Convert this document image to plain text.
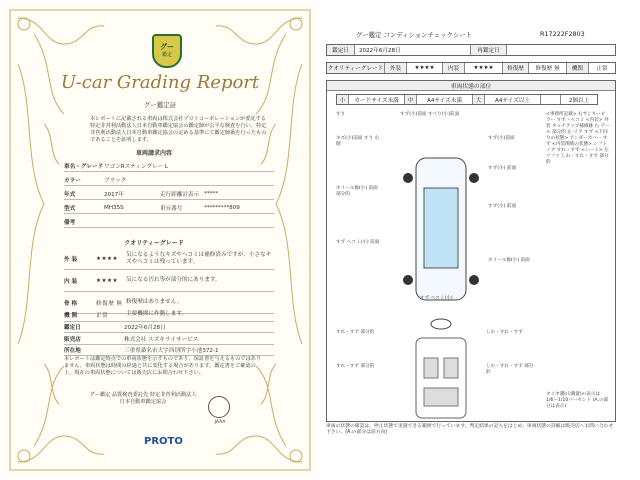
グー
鑑定
U-car Grading Report
グー鑑定証
本レポートに記載される車両は株式会社プロトコーポレーションが委託する特定非営利活動法人日本自動車鑑定協会の鑑定師が公平な検査を行い、特定非営利活動法人日本自動車鑑定協会の定める基準にて鑑定師番を行ったものであることを証明します。
車両請求内容
車名・グレード ワゴンRスティングレー L
カラー	ブラック
年式	2017年	走行距離計表示 *****
型式	MH35S	車台番号	*********809
備考
クオリティーグレード
外 装	★★★★
気になるようなキズやヘコミは補修済みですが、小さなキズやヘコミは残っています。
内 装	★★★★	気になる汚れ等が部分的にあります。
骨 格	修復歴 無 修復歴はありません。
機 関	正常	主要機関に作動します。
鑑定日	2022年6月28日
販売店	株式会社 スズキライサービス
所在地	三重県桑名市大字西別所字小池372-1
本レポートは鑑定時点での車両状態を示すものであり、保証書を与えるものではありません。車両状態は時間の経過と共に変化する場合があります。鑑定書をご確認の上、現在の車両状態については販売店にお問合わせ下さい。
グー鑑定 品質検査委託先 特定非営利活動法人 日本自動車鑑定協会
JAAA
PROTO
グー鑑定 コンディションチェックシート	R17222F2803
鑑定日	2022年6月28日	再鑑定日
クオリティーグレード	外装	★★★★	内装	★★★★	修復歴	修復歴 無	機関	正常
車両状態の部位
小	カードサイズ未満	中	A4サイズ未満	大	A4サイズ以上	2個以上
すり	すず(小)前面 すべり(小)前面
キズ(小)前面 すり 右側
すず(小)前面
ホイール傷(小) 前面 部分的
すず(小) 前面
すず ヘコミ(小) 前面
すず(小) 前面
ホイール傷(小) 前面
すず ヘコミ(小)
<事務所記載> 右サンキーピラー すず・ヘコミ <内装> 外装 タッチアップ補修跡 右 テール 部分的 左 リア すず <下回りの状態> アンダーカバー すず <内装関係の状態> シフトノブ すれ・すず <シート> 左ソファ しわ・すれ・すず 部分的
すれ・すず 部分的	しわ・すれ・すず
すれ・すず 部分的	しわ・すれ・すず 部分的
タイヤ溝(山溝量)の表示は 1/6〜1/10パーセント (A.の部分は表示)
車両の状態の確認は、停止状態で実施できる範囲で行っています。判定結果の記入をはじめ、車両状態の詳細は販売店へお問い合わせ下さい。(A.の部分は前方向)
